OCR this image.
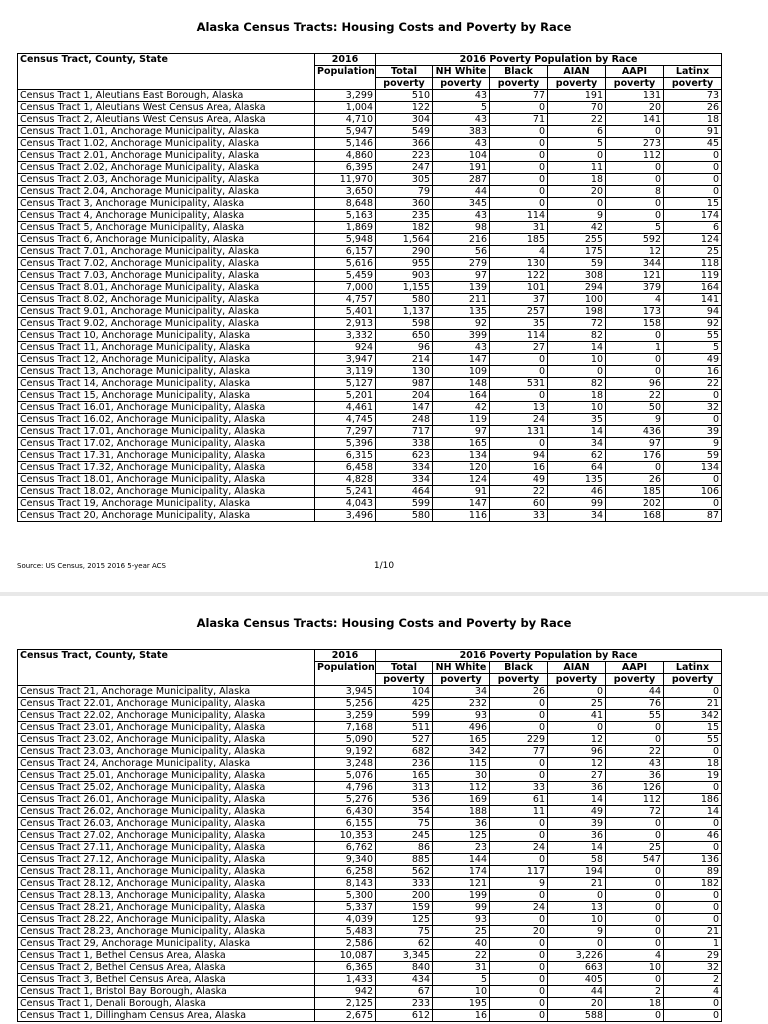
Alaska Census Tracts: Housing Costs and Poverty by Race
Census Tract, County, State	2016	2016 Poverty Population by Race					
	Population	Total	NH White	Black	AIAN	AAPI	Latinx
		poverty	poverty	poverty	poverty	poverty	poverty
Census Tract 1, Aleutians East Borough, Alaska	3,299	510	43	77	191	131	73
Census Tract 1, Aleutians West Census Area, Alaska	1,004	122	5	0	70	20	26
Census Tract 2, Aleutians West Census Area, Alaska	4,710	304	43	71	22	141	18
Census Tract 1.01, Anchorage Municipality, Alaska	5,947	549	383	0	6	0	91
Census Tract 1.02, Anchorage Municipality, Alaska	5,146	366	43	0	5	273	45
Census Tract 2.01, Anchorage Municipality, Alaska	4,860	223	104	0	0	112	0
Census Tract 2.02, Anchorage Municipality, Alaska	6,395	247	191	0	11	0	0
Census Tract 2.03, Anchorage Municipality, Alaska	11,970	305	287	0	18	0	0
Census Tract 2.04, Anchorage Municipality, Alaska	3,650	79	44	0	20	8	0
Census Tract 3, Anchorage Municipality, Alaska	8,648	360	345	0	0	0	15
Census Tract 4, Anchorage Municipality, Alaska	5,163	235	43	114	9	0	174
Census Tract 5, Anchorage Municipality, Alaska	1,869	182	98	31	42	5	6
Census Tract 6, Anchorage Municipality, Alaska	5,948	1,564	216	185	255	592	124
Census Tract 7.01, Anchorage Municipality, Alaska	6,157	290	56	4	175	12	25
Census Tract 7.02, Anchorage Municipality, Alaska	5,616	955	279	130	59	344	118
Census Tract 7.03, Anchorage Municipality, Alaska	5,459	903	97	122	308	121	119
Census Tract 8.01, Anchorage Municipality, Alaska	7,000	1,155	139	101	294	379	164
Census Tract 8.02, Anchorage Municipality, Alaska	4,757	580	211	37	100	4	141
Census Tract 9.01, Anchorage Municipality, Alaska	5,401	1,137	135	257	198	173	94
Census Tract 9.02, Anchorage Municipality, Alaska	2,913	598	92	35	72	158	92
Census Tract 10, Anchorage Municipality, Alaska	3,332	650	399	114	82	0	55
Census Tract 11, Anchorage Municipality, Alaska	924	96	43	27	14	1	5
Census Tract 12, Anchorage Municipality, Alaska	3,947	214	147	0	10	0	49
Census Tract 13, Anchorage Municipality, Alaska	3,119	130	109	0	0	0	16
Census Tract 14, Anchorage Municipality, Alaska	5,127	987	148	531	82	96	22
Census Tract 15, Anchorage Municipality, Alaska	5,201	204	164	0	18	22	0
Census Tract 16.01, Anchorage Municipality, Alaska	4,461	147	42	13	10	50	32
Census Tract 16.02, Anchorage Municipality, Alaska	4,745	248	119	24	35	9	0
Census Tract 17.01, Anchorage Municipality, Alaska	7,297	717	97	131	14	436	39
Census Tract 17.02, Anchorage Municipality, Alaska	5,396	338	165	0	34	97	9
Census Tract 17.31, Anchorage Municipality, Alaska	6,315	623	134	94	62	176	59
Census Tract 17.32, Anchorage Municipality, Alaska	6,458	334	120	16	64	0	134
Census Tract 18.01, Anchorage Municipality, Alaska	4,828	334	124	49	135	26	0
Census Tract 18.02, Anchorage Municipality, Alaska	5,241	464	91	22	46	185	106
Census Tract 19, Anchorage Municipality, Alaska	4,043	599	147	60	99	202	0
Census Tract 20, Anchorage Municipality, Alaska	3,496	580	116	33	34	168	87
Source: US Census, 2015 2016 5-year ACS	1/10
Alaska Census Tracts: Housing Costs and Poverty by Race
Census Tract, County, State	2016	2016 Poverty Population by Race					
	Population	Total	NH White	Black	AIAN	AAPI	Latinx
		poverty	poverty	poverty	poverty	poverty	poverty
Census Tract 21, Anchorage Municipality, Alaska	3,945	104	34	26	0	44	0
Census Tract 22.01, Anchorage Municipality, Alaska	5,256	425	232	0	25	76	21
Census Tract 22.02, Anchorage Municipality, Alaska	3,259	599	93	0	41	55	342
Census Tract 23.01, Anchorage Municipality, Alaska	7,168	511	496	0	0	0	15
Census Tract 23.02, Anchorage Municipality, Alaska	5,090	527	165	229	12	0	55
Census Tract 23.03, Anchorage Municipality, Alaska	9,192	682	342	77	96	22	0
Census Tract 24, Anchorage Municipality, Alaska	3,248	236	115	0	12	43	18
Census Tract 25.01, Anchorage Municipality, Alaska	5,076	165	30	0	27	36	19
Census Tract 25.02, Anchorage Municipality, Alaska	4,796	313	112	33	36	126	0
Census Tract 26.01, Anchorage Municipality, Alaska	5,276	536	169	61	14	112	186
Census Tract 26.02, Anchorage Municipality, Alaska	6,430	354	188	11	49	72	14
Census Tract 26.03, Anchorage Municipality, Alaska	6,155	75	36	0	39	0	0
Census Tract 27.02, Anchorage Municipality, Alaska	10,353	245	125	0	36	0	46
Census Tract 27.11, Anchorage Municipality, Alaska	6,762	86	23	24	14	25	0
Census Tract 27.12, Anchorage Municipality, Alaska	9,340	885	144	0	58	547	136
Census Tract 28.11, Anchorage Municipality, Alaska	6,258	562	174	117	194	0	89
Census Tract 28.12, Anchorage Municipality, Alaska	8,143	333	121	9	21	0	182
Census Tract 28.13, Anchorage Municipality, Alaska	5,300	200	199	0	0	0	0
Census Tract 28.21, Anchorage Municipality, Alaska	5,337	159	99	24	13	0	0
Census Tract 28.22, Anchorage Municipality, Alaska	4,039	125	93	0	10	0	0
Census Tract 28.23, Anchorage Municipality, Alaska	5,483	75	25	20	9	0	21
Census Tract 29, Anchorage Municipality, Alaska	2,586	62	40	0	0	0	1
Census Tract 1, Bethel Census Area, Alaska	10,087	3,345	22	0	3,226	4	29
Census Tract 2, Bethel Census Area, Alaska	6,365	840	31	0	663	10	32
Census Tract 3, Bethel Census Area, Alaska	1,433	434	5	0	405	0	2
Census Tract 1, Bristol Bay Borough, Alaska	942	67	10	0	44	2	4
Census Tract 1, Denali Borough, Alaska	2,125	233	195	0	20	18	0
Census Tract 1, Dillingham Census Area, Alaska	2,675	612	16	0	588	0	0
